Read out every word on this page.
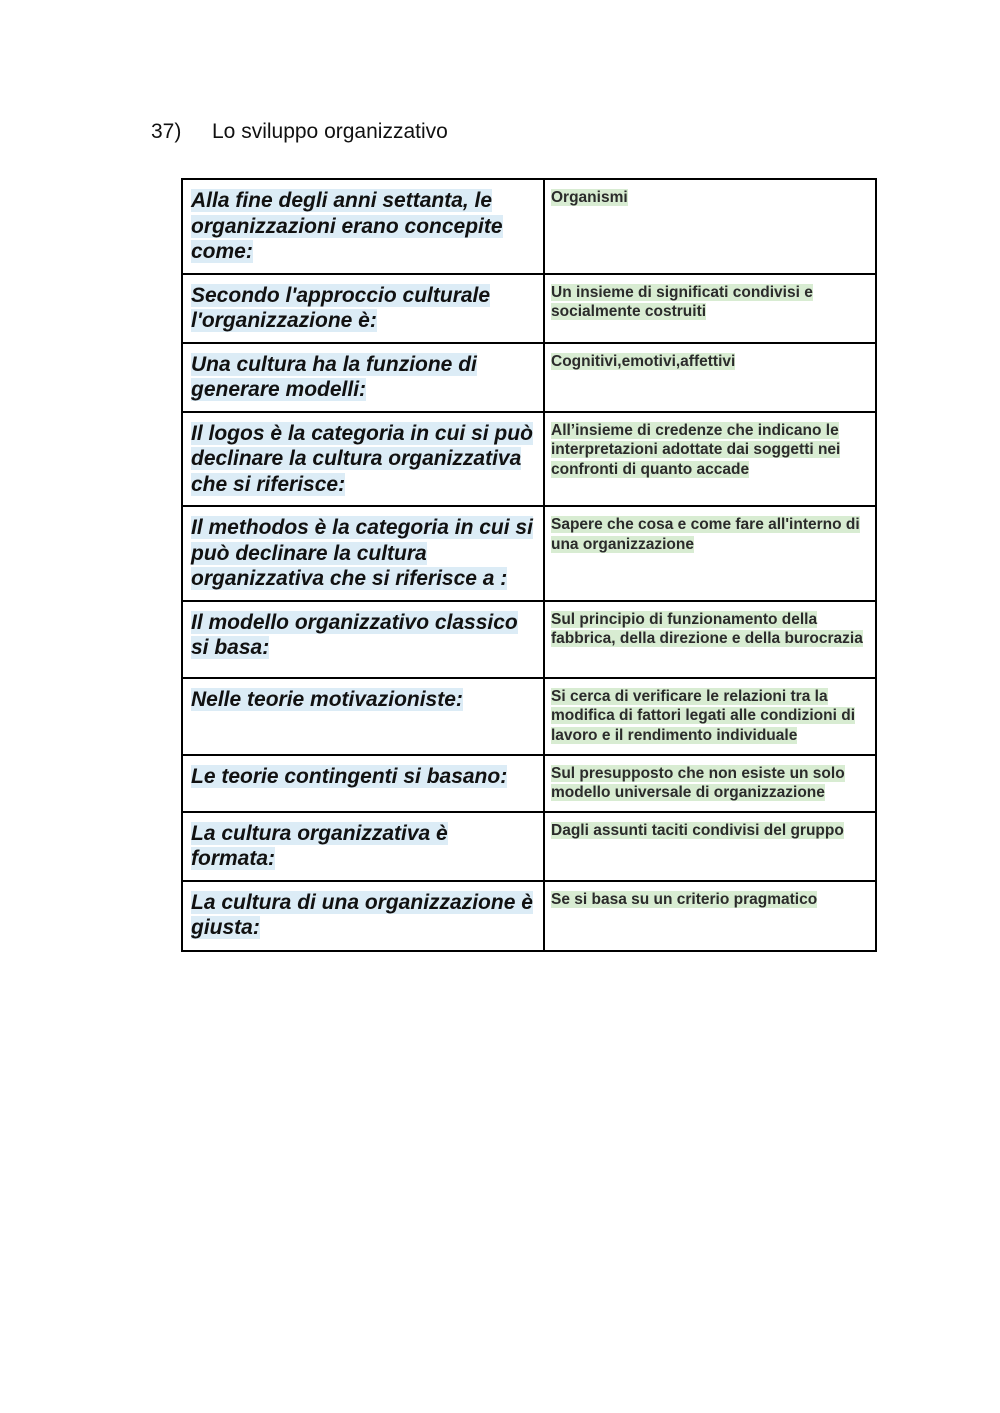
37)	Lo sviluppo organizzativo
Alla fine degli anni settanta, le organizzazioni erano concepite come:	Organismi
Secondo l'approccio culturale l'organizzazione è:	Un insieme di significati condivisi e socialmente costruiti
Una cultura ha la funzione di generare modelli:	Cognitivi,emotivi,affettivi
Il logos è la categoria in cui si può declinare la cultura organizzativa che si riferisce:	All’insieme di credenze che indicano le interpretazioni adottate dai soggetti nei confronti di quanto accade
Il methodos è la categoria in cui si può declinare la cultura organizzativa che si riferisce a :	Sapere che cosa e come fare all'interno di una organizzazione
Il modello organizzativo classico si basa:	Sul principio di funzionamento della fabbrica, della direzione e della burocrazia
Nelle teorie motivazioniste:	Si cerca di verificare le relazioni tra la modifica di fattori legati alle condizioni di lavoro e il rendimento individuale
Le teorie contingenti si basano:	Sul presupposto che non esiste un solo modello universale di organizzazione
La cultura organizzativa è formata:	Dagli assunti taciti condivisi del gruppo
La cultura di una organizzazione è giusta:	Se si basa su un criterio pragmatico
